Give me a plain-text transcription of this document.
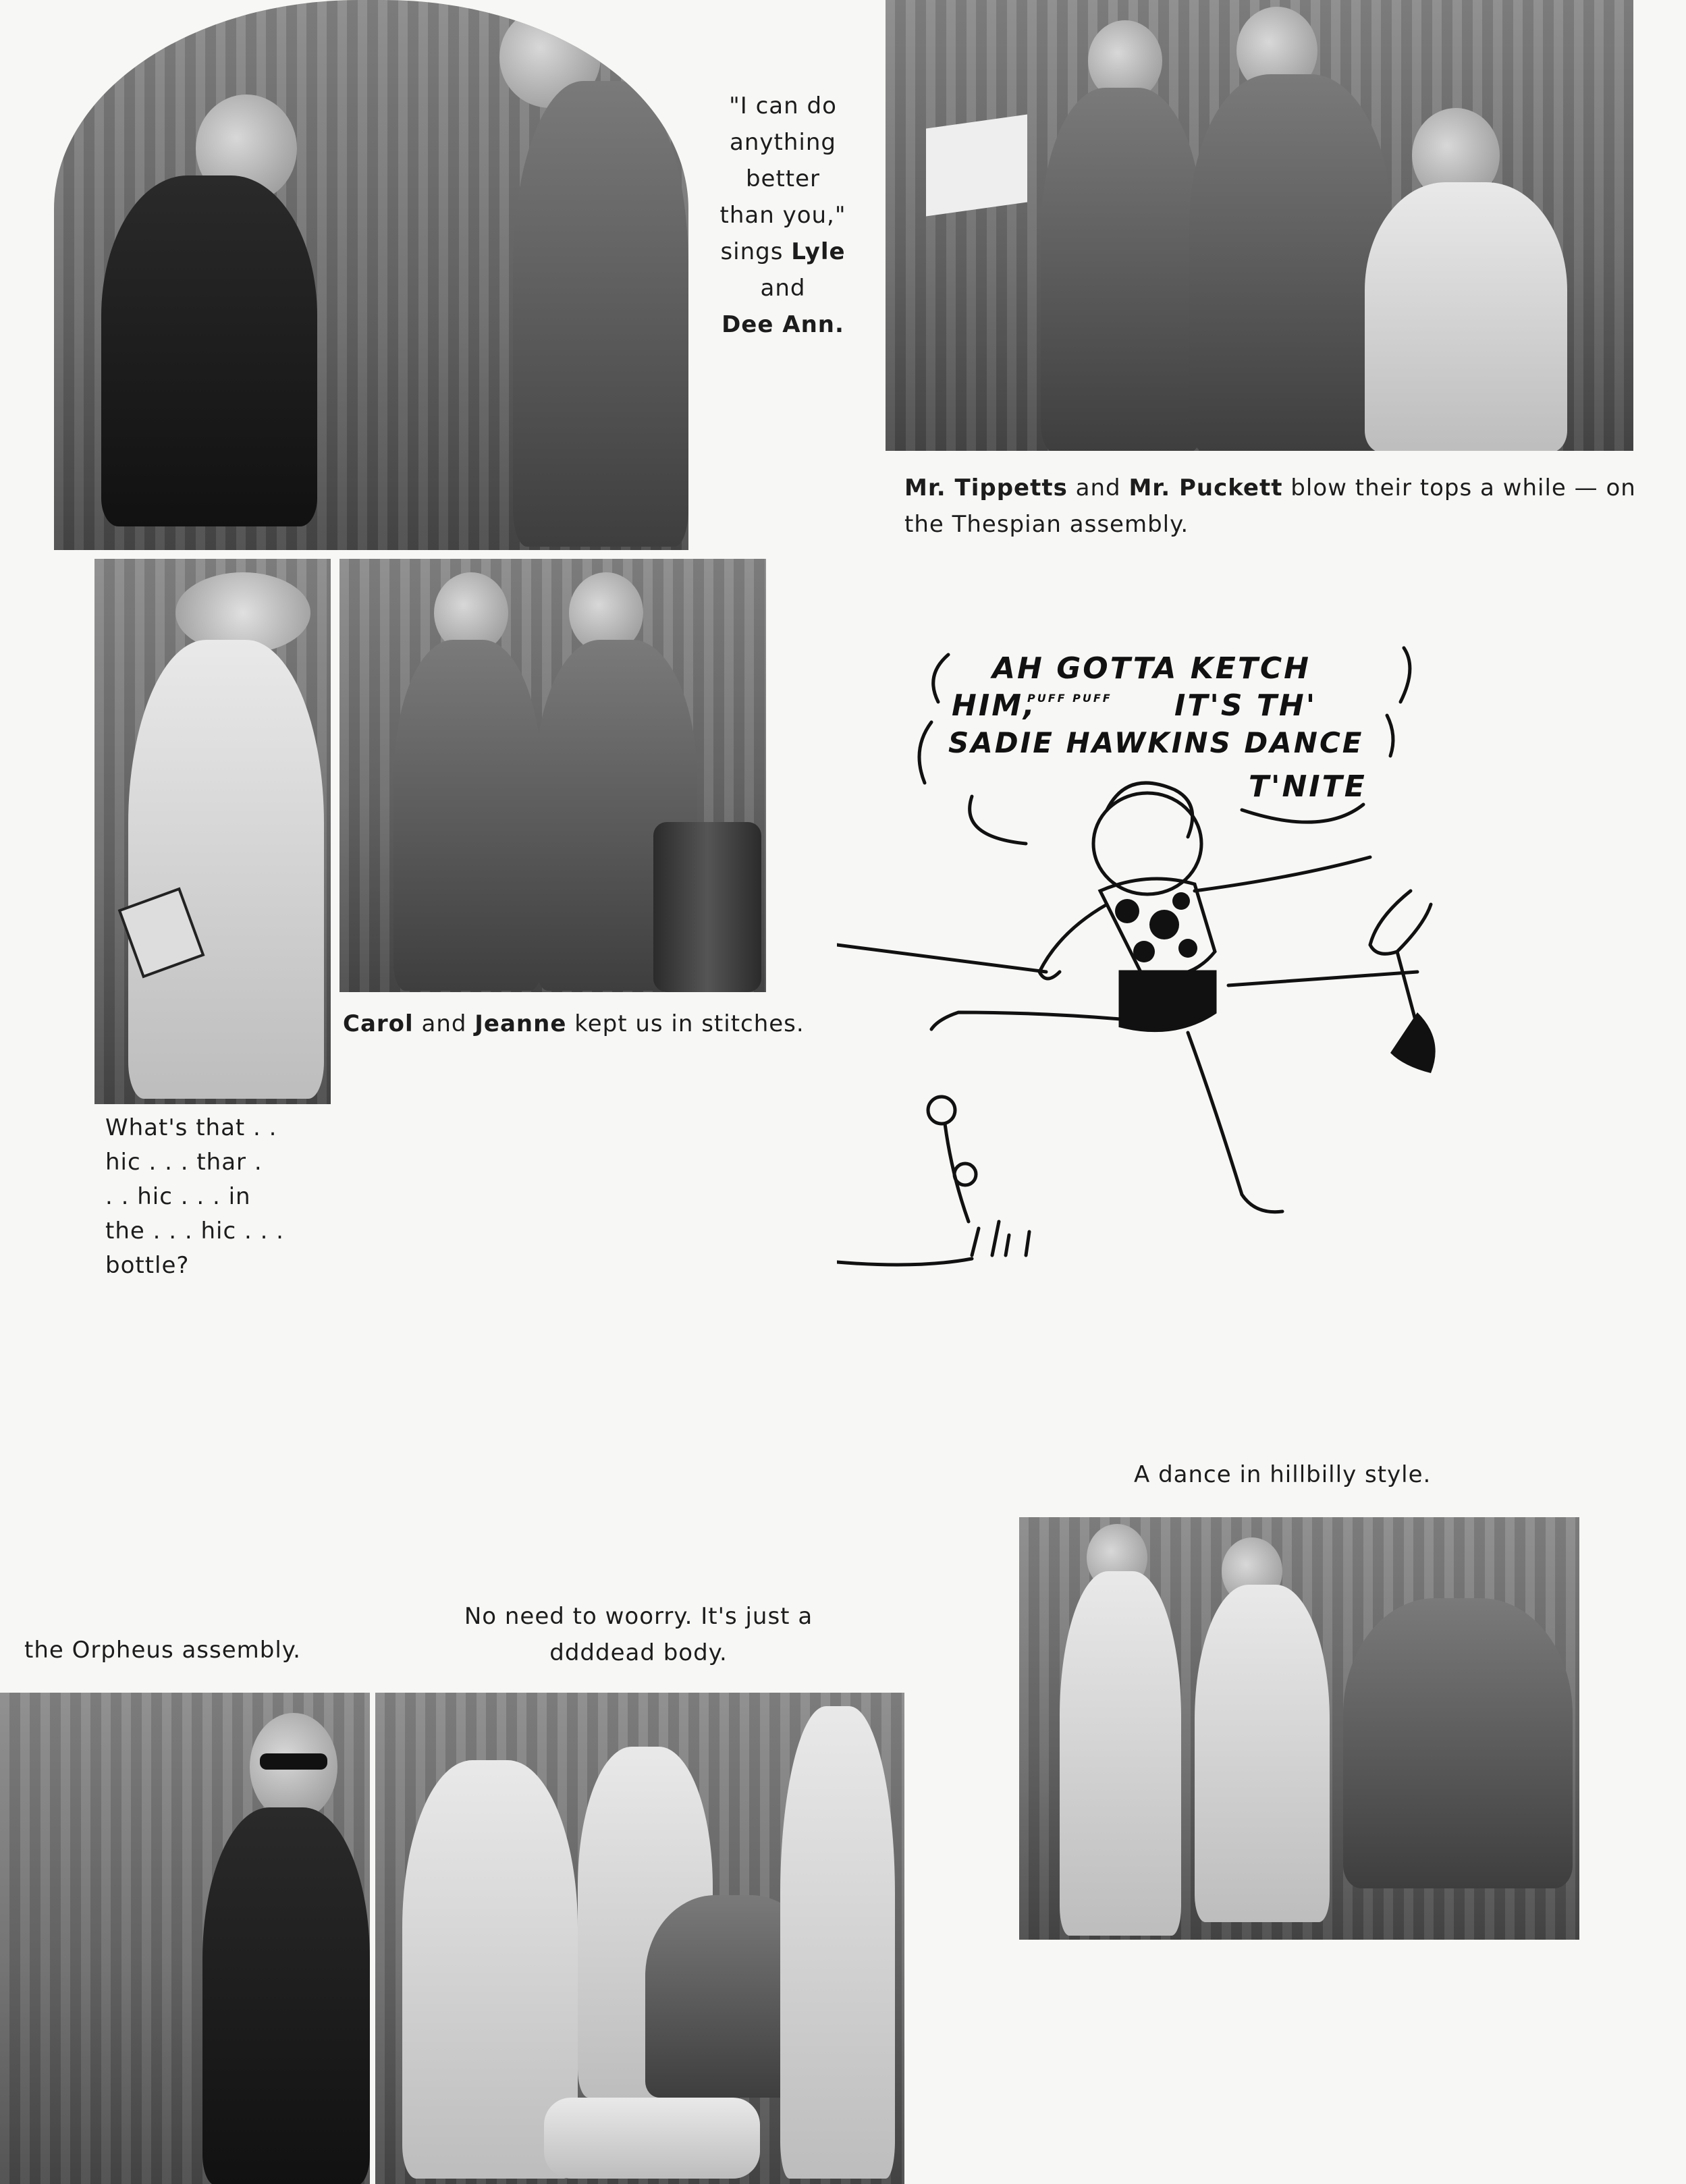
"I can do
anything
better
than you,"
sings Lyle
and
Dee Ann.
Mr. Tippetts and Mr. Puckett blow their tops a while — on
the Thespian assembly.
Carol and Jeanne kept us in stitches.
What's that . .
hic . . . thar .
. . hic . . . in
the . . . hic . . .
bottle?
AH GOTTA KETCH
HIM,
PUFF PUFF IT'S TH'
SADIE HAWKINS DANCE
T'NITE
A dance in hillbilly style.
the Orpheus assembly.
No need to woorry. It's just a
ddddead body.
